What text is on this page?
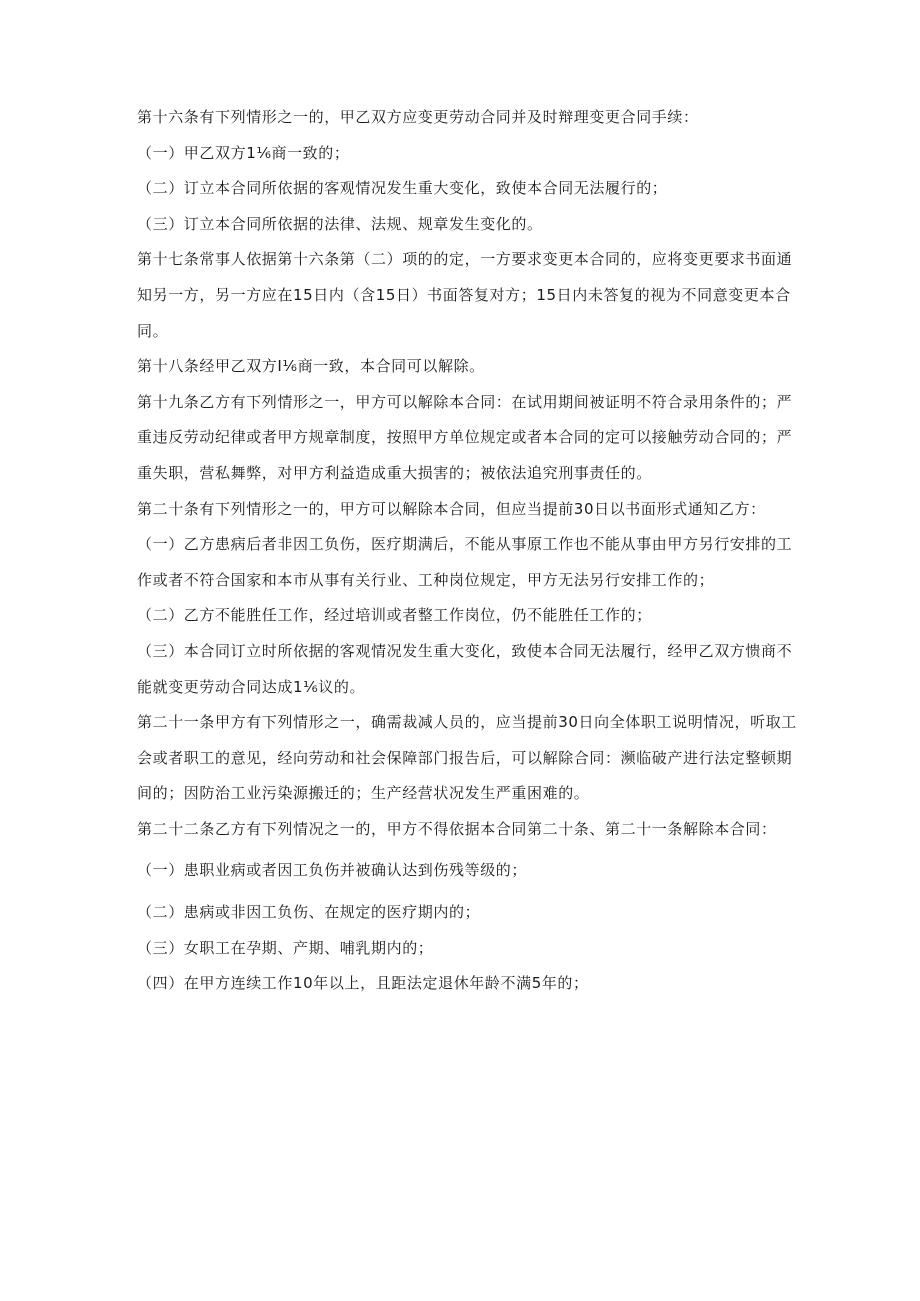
第十六条有下列情形之一的，甲乙双方应变更劳动合同并及时辩理变更合同手续：

（一）甲乙双方1⅙商一致的；

（二）订立本合同所依据的客观情况发生重大变化，致使本合同无法履行的；

（三）订立本合同所依据的法律、法规、规章发生变化的。

第十七条常事人依据第十六条第（二）项的的定，一方要求变更本合同的，应将变更要求书面通知另一方，另一方应在15日内（含15日）书面答复对方；15日内未答复的视为不同意变更本合同。

第十八条经甲乙双方Ⅰ⅙商一致，本合同可以解除。

第十九条乙方有下列情形之一，甲方可以解除本合同：在试用期间被证明不符合录用条件的；严重违反劳动纪律或者甲方规章制度，按照甲方单位规定或者本合同的定可以接触劳动合同的；严重失职，营私舞弊，对甲方利益造成重大损害的；被依法追究刑事责任的。

第二十条有下列情形之一的，甲方可以解除本合同，但应当提前30日以书面形式通知乙方：

（一）乙方患病后者非因工负伤，医疗期满后，不能从事原工作也不能从事由甲方另行安排的工作或者不符合国家和本市从事有关行业、工种岗位规定，甲方无法另行安排工作的；

（二）乙方不能胜任工作，经过培训或者整工作岗位，仍不能胜任工作的；

（三）本合同订立时所依据的客观情况发生重大变化，致使本合同无法履行，经甲乙双方愦商不能就变更劳动合同达成1⅙议的。

第二十一条甲方有下列情形之一，确需裁减人员的，应当提前30日向全体职工说明情况，听取工会或者职工的意见，经向劳动和社会保障部门报告后，可以解除合同：濒临破产进行法定整顿期间的；因防治工业污染源搬迁的；生产经营状况发生严重困难的。

第二十二条乙方有下列情况之一的，甲方不得依据本合同第二十条、第二十一条解除本合同：

（一）患职业病或者因工负伤并被确认达到伤残等级的；

（二）患病或非因工负伤、在规定的医疗期内的；

（三）女职工在孕期、产期、哺乳期内的；

（四）在甲方连续工作10年以上，且距法定退休年龄不满5年的；
